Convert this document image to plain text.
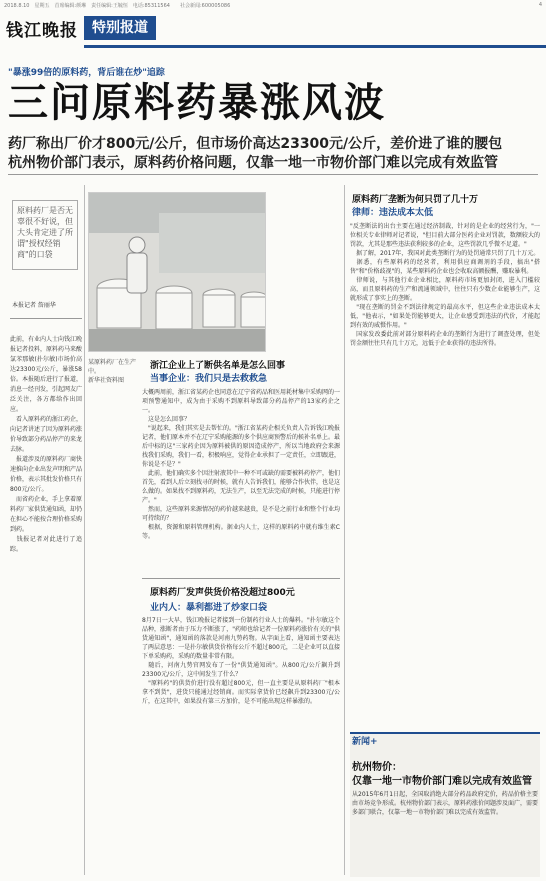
2018.8.10　星期五　首席编辑:颜琳　责任编辑:王毓恒　电话:85311564　　社会新闻:600005086	4
钱江晚报	特别报道
"暴涨99倍的原料药，背后谁在炒"追踪
三问原料药暴涨风波
药厂称出厂价才800元/公斤，但市场价高达23300元/公斤，差价进了谁的腰包
杭州物价部门表示，原料药价格问题，仅靠一地一市物价部门难以完成有效监管
原料药厂是否无辜很不好说，但大头肯定进了所谓"授权经销商"的口袋
本报记者 詹丽华
此前，有业内人士向钱江晚报记者投料，原料药马来酸氯苯那敏(扑尔敏)市场价高达23300元/公斤，暴涨58倍。本报随后进行了报道，消息一经刊发，引起网友广泛关注，各方都给作出回应。
　看入原料药的浙江药企，向记者讲述了因为原料药涨价导致部分药品停产的来龙去脉。
　报道涉及的原料药厂商快速推向企业出发声明和产品价格，表示其批发价格只有800元/公斤。
　而省药企业，手上拿着原料药厂家供货通知函，却仍在担心不能按合理价格采购到药。
　钱报记者对此进行了追踪。
某原料药厂在生产中。
新华社资料图
浙江企业上了断供名单是怎么回事
当事企业：我们只是去救救急
大概两周前，浙江省某药企也同意在辽宁省药品和医用耗材集中采购网的一项预警通知中，成为由于采购不到原料导致部分药品停产的13家药企之一。
　这是怎么回事？
　"说起来，我们其实是去帮忙的。"浙江省某药企相关负责人告诉钱江晚报记者，他们原本并不在辽宁采购能源的多个供应商预警后的候补名单上。最后中标的这"三家药企因为原料被供的原因造成停产，所以当地政府会来源找我们采购，我们一看，积极响应，觉得企业承担了一定责任，立即跟进，你说是不是？"
　此前，他们确实多个因注射液其中一种不可或缺的需要被料药停产，他们首先，看到人后立刻找寻的时候，就有人告诉我们，能够合作伙伴，也是这么做的。如果找不到原料药，无法生产，以至无法完成的时候，只能进行停产。"
　然而，这些原料来源情况的药价越来越贵，是不是之前行业和整个行业均可持续的？
　根据，资源和原料管理机构。据业内人士，这样的原料药中就有维生素C等。
原料药厂发声供货价格没超过800元
业内人：暴利都进了炒家口袋
8月7日一大早，钱江晚报记者接到一份制药行业人士的爆料。"扑尔敏这个品种，涨断者由于压力不断涨了，"药师也给记者一份原料药涨价有关的"供货通知函"，通知函的落款是河南九势药物。从字面上看，通知函主要表达了两层意思：一是扑尔敏供货价格每公斤不超过800元，二是企业可以直接下单采购药，采购的数量非常有限。
　随后，河南九势官网发布了一份"供货通知函"。从800元/公斤飙升到23300元/公斤，这中间发生了什么？
　"原料药"的供货价进行没有超过800元，但一直主要是从原料药厂"根本拿不到货"，进货只能通过经销商。而实际拿货价已经飙升到23300元/公斤，在这其中，如果没有第三方加价，是不可能出现这样暴涨的。
原料药厂垄断为何只罚了几十万
律师：违法成本太低
"反垄断法的出台主要在通过经济制裁，针对的是企业的经营行为，"一位相关专业律师对记者说，"但目前大部分医药企业对罚款，数额较大的罚款，尤其是那些违法获利较多的企业，这些罚款几乎微不足道。"
　据了解，2017年，我国对此类垄断行为的处罚通常只罚了几十万元。
　据悉，有些原料药的经营者，利用供应商调剂的手段，搞出"搭售"和"价格歧视"的，某些原料药企业也会收取高额报酬，赚取暴利。
　律师说，与其他行业企业相比，原料药市场更加封闭，进入门槛较高，而且原料药的生产和流通领域中，往往只有少数企业能够生产，这就形成了事实上的垄断。
　"现在垄断的罚金不到法律规定的最高水平，但这些企业违法成本太低，"他表示，"如果处罚能够更大，让企业感受到违法的代价，才能起到有效的威慑作用。"
　国家发改委此前对部分原料药企业的垄断行为进行了调查处理，但处罚金额往往只有几十万元，远低于企业获得的违法所得。
新闻+
杭州物价：
仅靠一地一市物价部门难以完成有效监管
从2015年6月1日起，全国取消绝大部分药品政府定价，药品价格主要由市场竞争形成。杭州物价部门表示，原料药涨价问题涉及面广，需要多部门联合，仅靠一地一市物价部门难以完成有效监管。
